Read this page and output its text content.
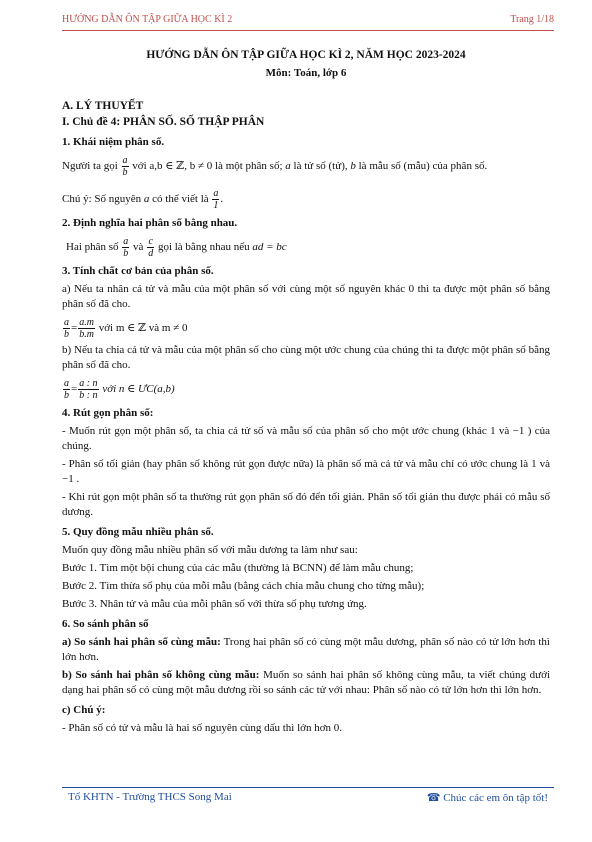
HƯỚNG DẪN ÔN TẬP GIỮA HỌC KÌ 2	Trang 1/18
HƯỚNG DẪN ÔN TẬP GIỮA HỌC KÌ 2, NĂM HỌC 2023-2024
Môn: Toán, lớp 6
A. LÝ THUYẾT
I. Chủ đề 4: PHÂN SỐ. SỐ THẬP PHÂN
1. Khái niệm phân số.

Người ta gọi $\frac{a}{b}$ với a,b ∈ ℤ, b ≠ 0 là một phân số; a là tử số (tử), b là mẫu số (mẫu) của phân số.

Chú ý: Số nguyên a có thể viết là $\frac{a}{1}$ .

2. Định nghĩa hai phân số bằng nhau.

Hai phân số $\frac{a}{b}$ và $\frac{c}{d}$ gọi là bằng nhau nếu ad = bc

3. Tính chất cơ bản của phân số.

a) Nếu ta nhân cả tử và mẫu của một phân số với cùng một số nguyên khác 0 thì ta được một phân số bằng phân số đã cho.

$\frac{a}{b} = \frac{a.m}{b.m}$ với m ∈ ℤ và m ≠ 0

b) Nếu ta chia cả tử và mẫu của một phân số cho cùng một ước chung của chúng thì ta được một phân số bằng phân số đã cho.

$\frac{a}{b} = \frac{a : n}{b : n}$ với n ∈ ƯC(a,b)

4. Rút gọn phân số:

- Muốn rút gọn một phân số, ta chia cả tử số và mẫu số của phân số cho một ước chung (khác 1 và −1 ) của chúng.

- Phân số tối giản (hay phân số không rút gọn được nữa) là phân số mà cả tử và mẫu chỉ có ước chung là 1 và −1 .

- Khi rút gọn một phân số ta thường rút gọn phân số đó đến tối giản. Phân số tối giản thu được phải có mẫu số dương.

5. Quy đồng mẫu nhiều phân số.

Muốn quy đồng mẫu nhiều phân số với mẫu dương ta làm như sau:

Bước 1. Tìm một bội chung của các mẫu (thường là BCNN) để làm mẫu chung;

Bước 2. Tìm thừa số phụ của mỗi mẫu (bằng cách chia mẫu chung cho từng mẫu);

Bước 3. Nhân tử và mẫu của mỗi phân số với thừa số phụ tương ứng.

6. So sánh phân số

a) So sánh hai phân số cùng mẫu: Trong hai phân số có cùng một mẫu dương, phân số nào có tử lớn hơn thì lớn hơn.

b) So sánh hai phân số không cùng mẫu: Muốn so sánh hai phân số không cùng mẫu, ta viết chúng dưới dạng hai phân số có cùng một mẫu dương rồi so sánh các tử với nhau: Phân số nào có tử lớn hơn thì lớn hơn.

c) Chú ý:

- Phân số có tử và mẫu là hai số nguyên cùng dấu thì lớn hơn 0.

Tổ KHTN - Trường THCS Song Mai	☎ Chúc các em ôn tập tốt!
